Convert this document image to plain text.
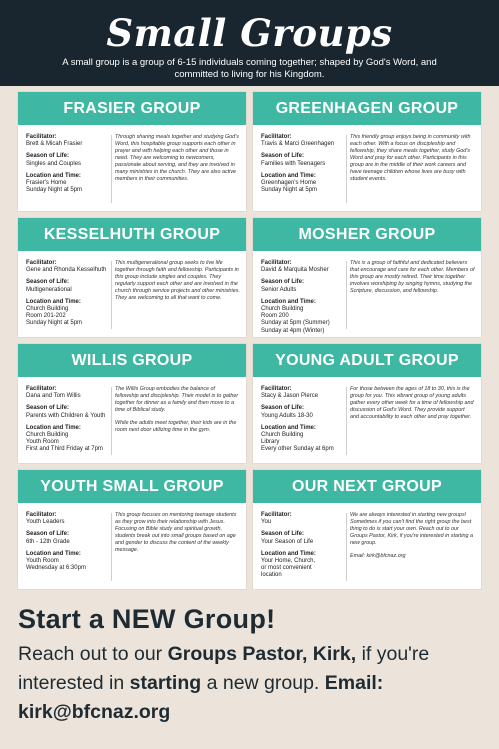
Small Groups
A small group is a group of 6-15 individuals coming together; shaped by God's Word, and committed to living for his Kingdom.
FRASIER GROUP
Facilitator:
Brett & Micah Frasier
Season of Life:
Singles and Couples
Location and Time:
Frasier's Home
Sunday Night at 5pm

Through sharing meals together and studying God's Word, this hospitable group supports each other in prayer and with helping each other and those in need. They are welcoming to newcomers, passionate about serving, and they are involved in many ministries in the church. They are also active members in their communities.

GREENHAGEN GROUP
Facilitator:
Travis & Marci Greenhagen
Season of Life:
Families with Teenagers
Location and Time:
Greenhagen's Home
Sunday Night at 5pm

This friendly group enjoys being in community with each other. With a focus on discipleship and fellowship, they share meals together, study God's Word and pray for each other. Participants in this group are in the middle of their work careers and have teenage children whose lives are busy with student events.

KESSELHUTH GROUP
Facilitator:
Gene and Rhonda Kesselhuth
Season of Life:
Multigenerational
Location and Time:
Church Building
Room 201-202
Sunday Night at 5pm

This multigenerational group seeks to live life together through faith and fellowship. Participants in this group include singles and couples. They regularly support each other and are involved in the church through service projects and other ministries. They are welcoming to all that want to come.

MOSHER GROUP
Facilitator:
David & Marquita Mosher
Season of Life:
Senior Adults
Location and Time:
Church Building
Room 200
Sunday at 5pm (Summer)
Sunday at 4pm (Winter)

This is a group of faithful and dedicated believers that encourage and care for each other. Members of this group are mostly retired. Their time together involves worshiping by singing hymns, studying the Scripture, discussion, and fellowship.

WILLIS GROUP
Facilitator:
Dana and Tom Willis
Season of Life:
Parents with Children & Youth
Location and Time:
Church Building
Youth Room
First and Third Friday at 7pm

The Willis Group embodies the balance of fellowship and discipleship. Their model is to gather together for dinner as a family and then move to a time of Biblical study.

While the adults meet together, their kids are in the room next door utilizing time in the gym.

YOUNG ADULT GROUP
Facilitator:
Stacy & Jason Pierce
Season of Life:
Young Adults 18-30
Location and Time:
Church Building
Library
Every other Sunday at 6pm

For those between the ages of 18 to 30, this is the group for you. This vibrant group of young adults gather every other week for a time of fellowship and discussion of God's Word. They provide support and accountability to each other and pray together.

YOUTH SMALL GROUP
Facilitator:
Youth Leaders
Season of Life:
6th - 12th Grade
Location and Time:
Youth Room
Wednesday at 6:30pm

This group focuses on mentoring teenage students as they grow into their relationship with Jesus. Focusing on Bible study and spiritual growth, students break out into small groups based on age and gender to discuss the content of the weekly message.

OUR NEXT GROUP
Facilitator:
You
Season of Life:
Your Season of Life
Location and Time:
Your Home, Church,
or most convenient
location

We are always interested in starting new groups! Sometimes if you can't find the right group the best thing to do is start your own. Reach out to our Groups Pastor, Kirk, if you're interested in starting a new group.

Email: kirk@bfcnaz.org

Start a NEW Group!
Reach out to our Groups Pastor, Kirk, if you're interested in starting a new group. Email: kirk@bfcnaz.org
